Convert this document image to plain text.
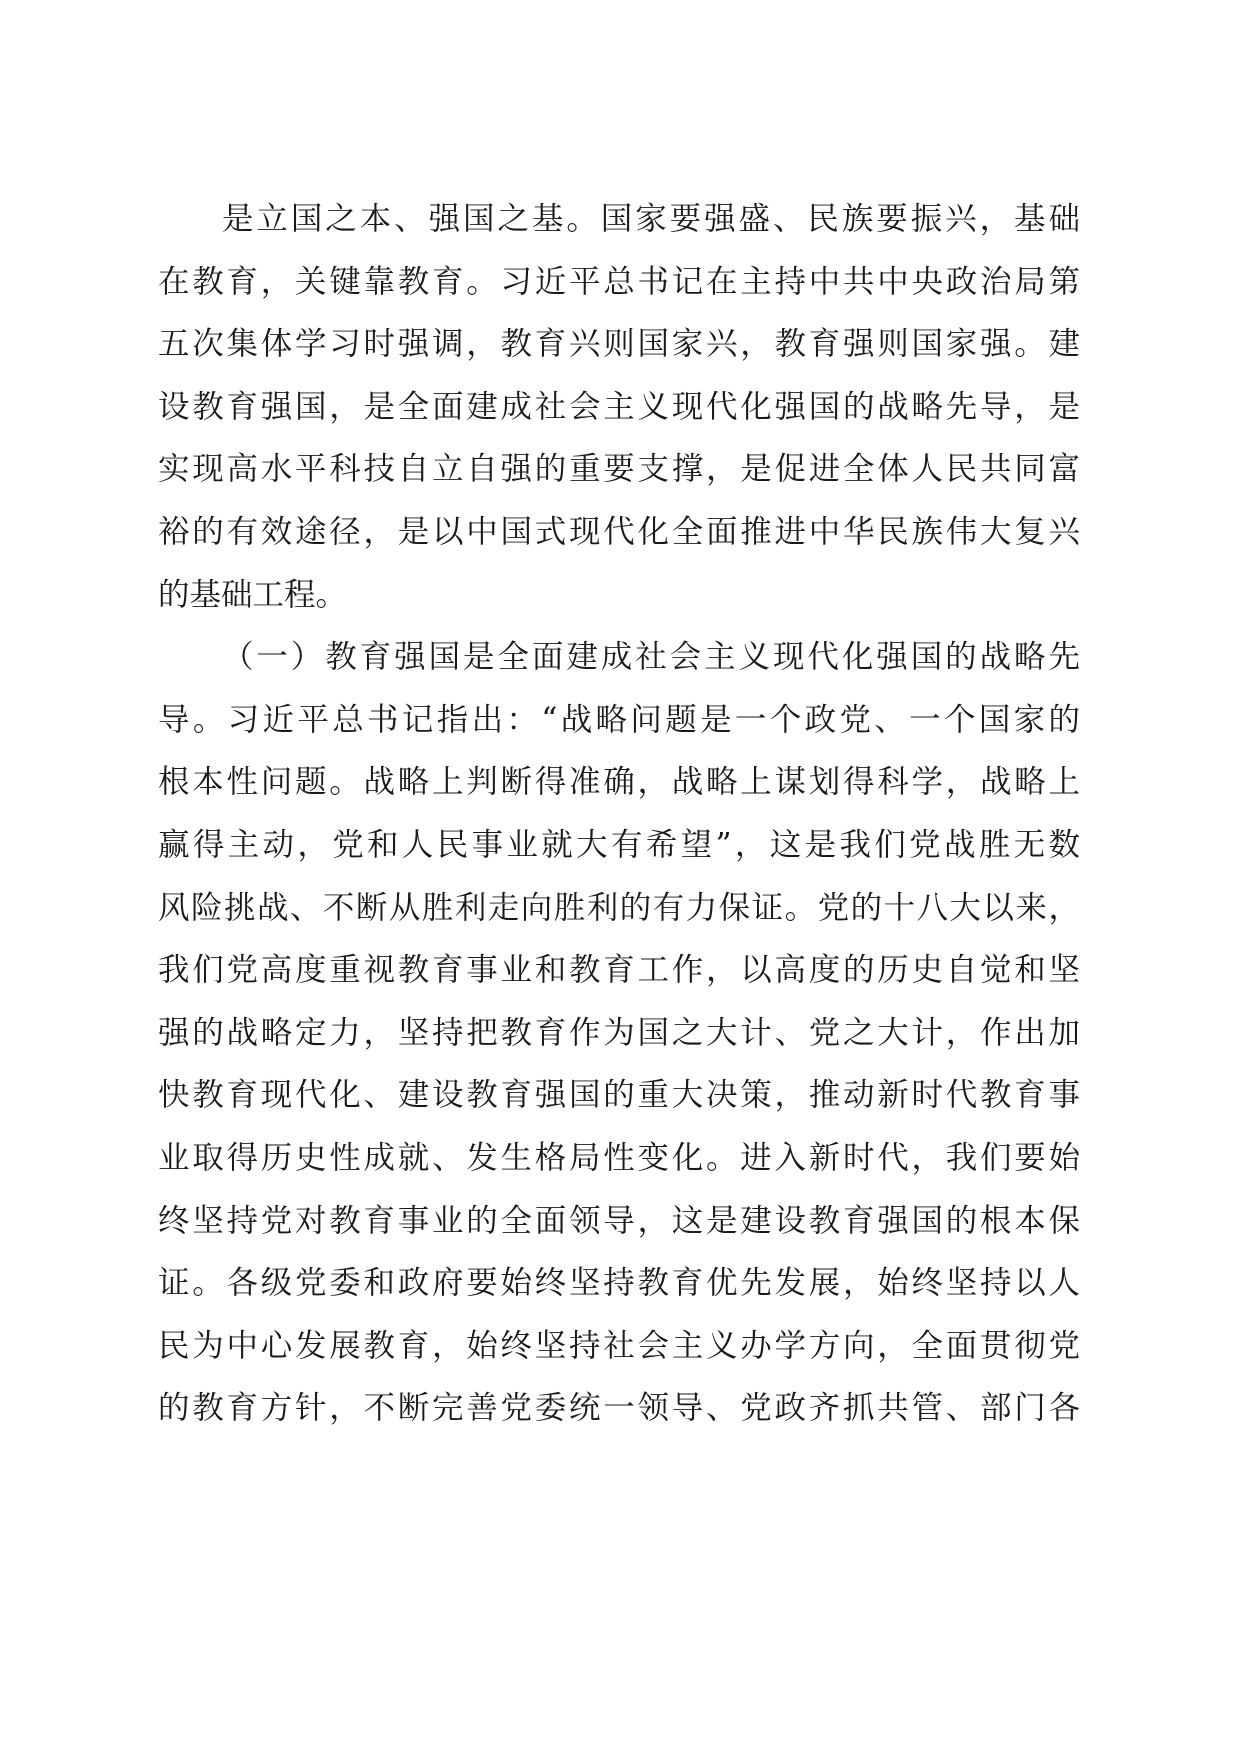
是立国之本、强国之基。国家要强盛、民族要振兴，基础
在教育，关键靠教育。习近平总书记在主持中共中央政治局第
五次集体学习时强调，教育兴则国家兴，教育强则国家强。建
设教育强国，是全面建成社会主义现代化强国的战略先导，是
实现高水平科技自立自强的重要支撑，是促进全体人民共同富
裕的有效途径，是以中国式现代化全面推进中华民族伟大复兴
的基础工程。
（一）教育强国是全面建成社会主义现代化强国的战略先
导。习近平总书记指出：“战略问题是一个政党、一个国家的
根本性问题。战略上判断得准确，战略上谋划得科学，战略上
赢得主动，党和人民事业就大有希望”，这是我们党战胜无数
风险挑战、不断从胜利走向胜利的有力保证。党的十八大以来，
我们党高度重视教育事业和教育工作，以高度的历史自觉和坚
强的战略定力，坚持把教育作为国之大计、党之大计，作出加
快教育现代化、建设教育强国的重大决策，推动新时代教育事
业取得历史性成就、发生格局性变化。进入新时代，我们要始
终坚持党对教育事业的全面领导，这是建设教育强国的根本保
证。各级党委和政府要始终坚持教育优先发展，始终坚持以人
民为中心发展教育，始终坚持社会主义办学方向，全面贯彻党
的教育方针，不断完善党委统一领导、党政齐抓共管、部门各
